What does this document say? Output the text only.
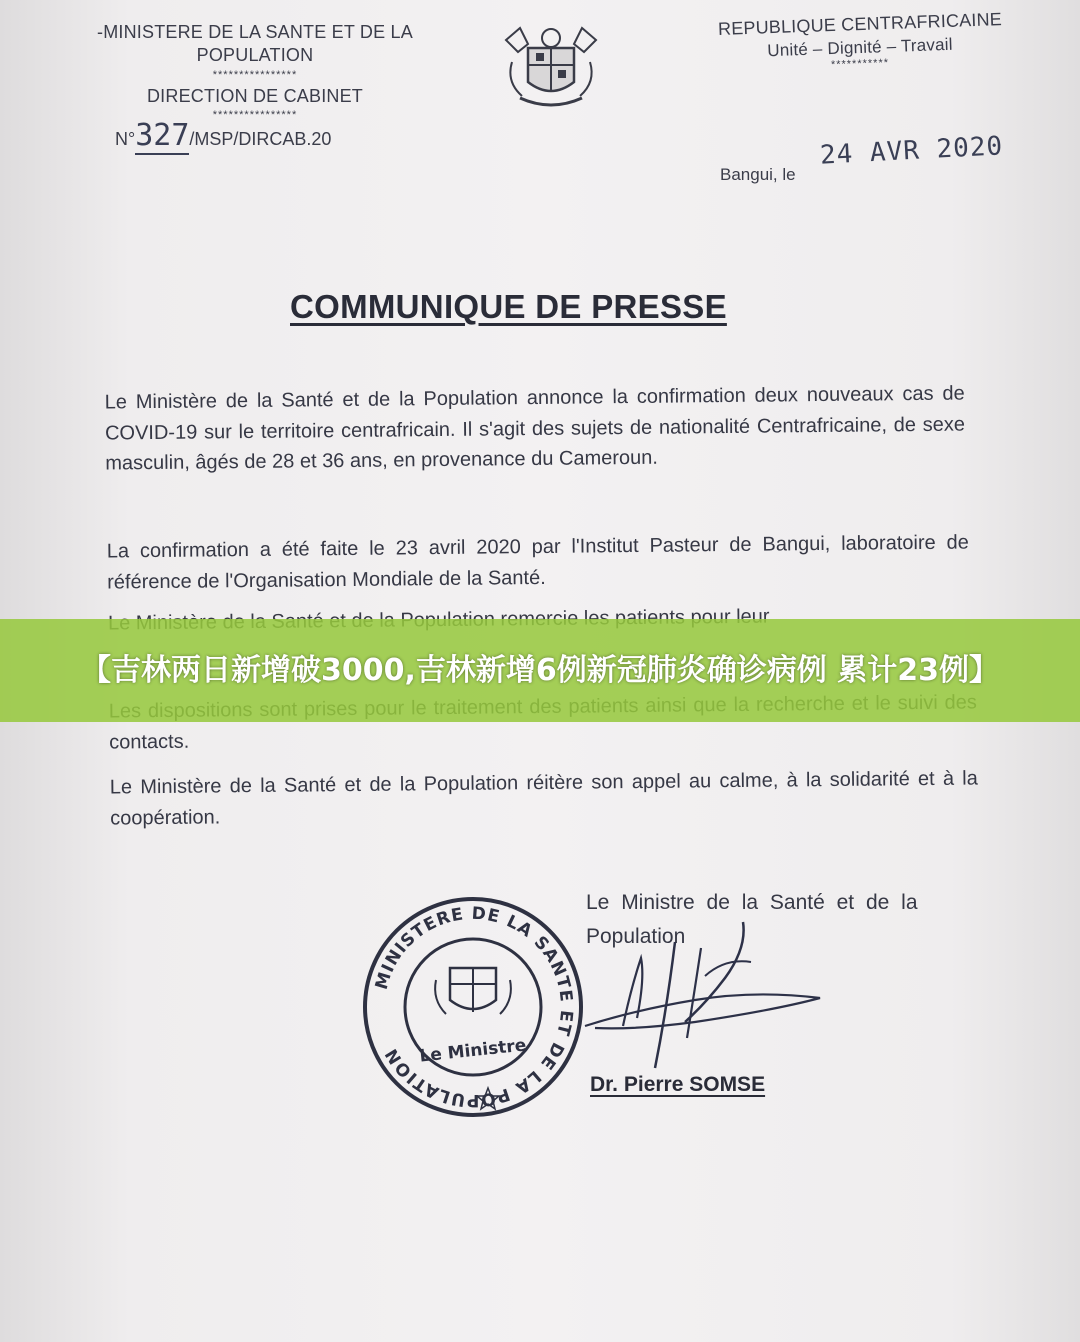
-MINISTERE DE LA SANTE ET DE LA
POPULATION
****************
DIRECTION DE CABINET
****************
N°327/MSP/DIRCAB.20
REPUBLIQUE CENTRAFRICAINE
Unité – Dignité – Travail
***********
Bangui, le
24 AVR 2020
COMMUNIQUE DE PRESSE
Le Ministère de la Santé et de la Population annonce la confirmation deux nouveaux cas de COVID-19 sur le territoire centrafricain. Il s'agit des sujets de nationalité Centrafricaine, de sexe masculin, âgés de 28 et 36 ans, en provenance du Cameroun.
La confirmation a été faite le 23 avril 2020 par l'Institut Pasteur de Bangui, laboratoire de référence de l'Organisation Mondiale de la Santé.
contacts.
Le Ministère de la Santé et de la Population réitère son appel au calme, à la solidarité et à la coopération.
Le Ministre de la Santé et de la
Population
MINISTERE DE LA SANTE ET DE LA POPULATION Le Ministre
Dr. Pierre SOMSE
【吉林两日新增破3000,吉林新增6例新冠肺炎确诊病例 累计23例】
